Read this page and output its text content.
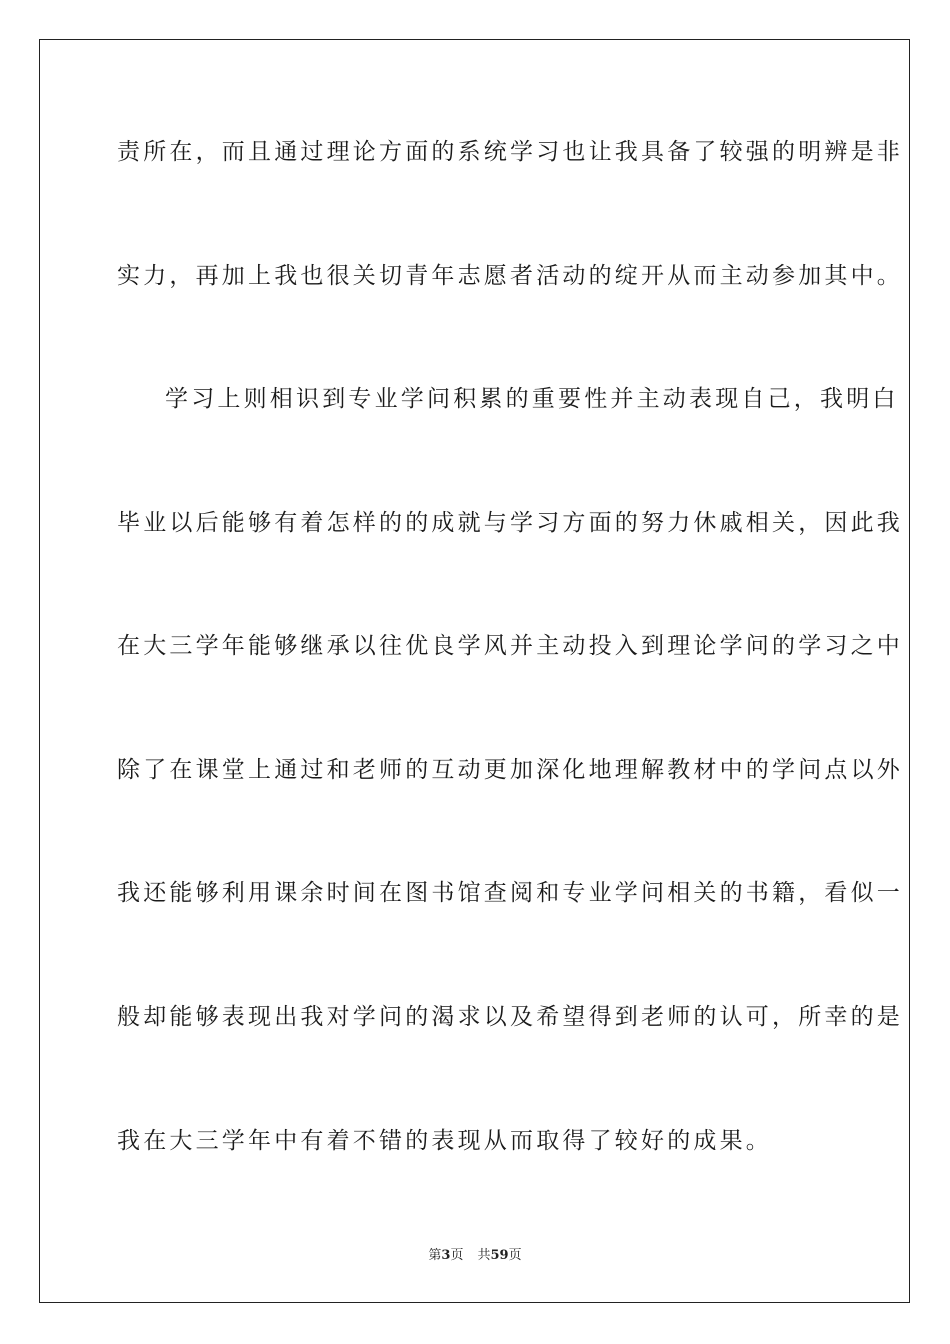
责所在，而且通过理论方面的系统学习也让我具备了较强的明辨是非
实力，再加上我也很关切青年志愿者活动的绽开从而主动参加其中。
学习上则相识到专业学问积累的重要性并主动表现自己，我明白
毕业以后能够有着怎样的的成就与学习方面的努力休戚相关，因此我
在大三学年能够继承以往优良学风并主动投入到理论学问的学习之中
除了在课堂上通过和老师的互动更加深化地理解教材中的学问点以外
我还能够利用课余时间在图书馆查阅和专业学问相关的书籍，看似一
般却能够表现出我对学问的渴求以及希望得到老师的认可，所幸的是
我在大三学年中有着不错的表现从而取得了较好的成果。
第3页 共59页
